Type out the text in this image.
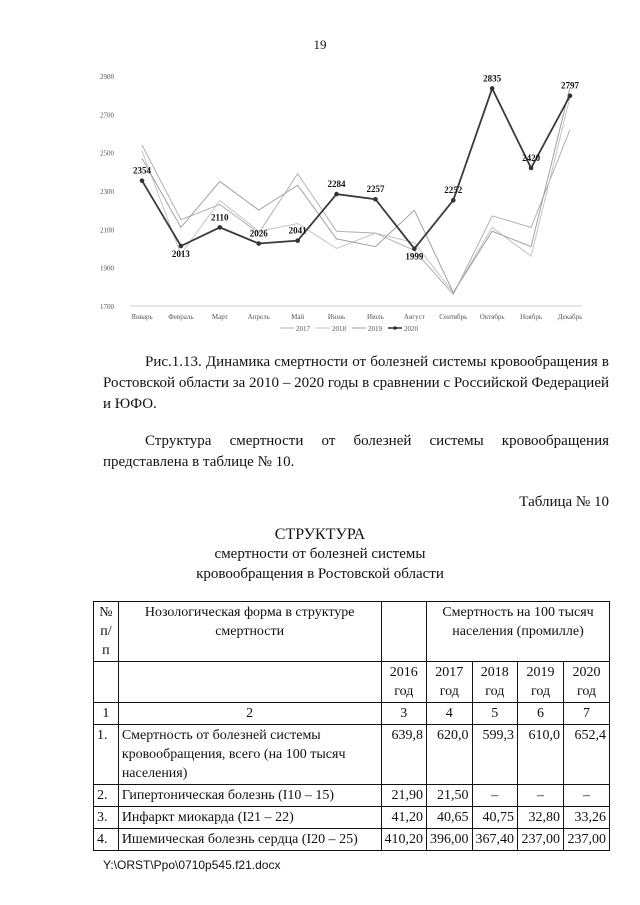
19
1700
1900
2100
2300
2500
2700
2900
Январь Февраль	Март	Апрель	Май	Июнь	Июль	Август Сентябрь Октябрь Ноябрь Декабрь
2354
2013
2110
2026 2041
2284
2257
1999
2252
2835
2420
2797
2017	2018	2019	2020
Рис.1.13. Динамика смертности от болезней системы кровообращения в Ростовской области за 2010 – 2020 годы в сравнении с Российской Федерацией и ЮФО.
Структура смертности от болезней системы кровообращения представлена в таблице № 10.
Таблица № 10
СТРУКТУРА
смертности от болезней системы
кровообращения в Ростовской области
№ п/п	Нозологическая форма в структуре смертности		Смертность на 100 тысяч населения (промилле)			

		2016 год	2017 год	2018 год	2019 год	2020 год
1	2	3	4	5	6	7
1.	Смертность от болезней системы кровообращения, всего (на 100 тысяч населения)	639,8	620,0	599,3	610,0	652,4
2.	Гипертоническая болезнь (I10 – 15)	21,90	21,50	–	–	–
3.	Инфаркт миокарда (I21 – 22)	41,20	40,65	40,75	32,80	33,26
4.	Ишемическая болезнь сердца (I20 – 25)	410,20	396,00	367,40	237,00	237,00
Y:\ORST\Ppo\0710p545.f21.docx
